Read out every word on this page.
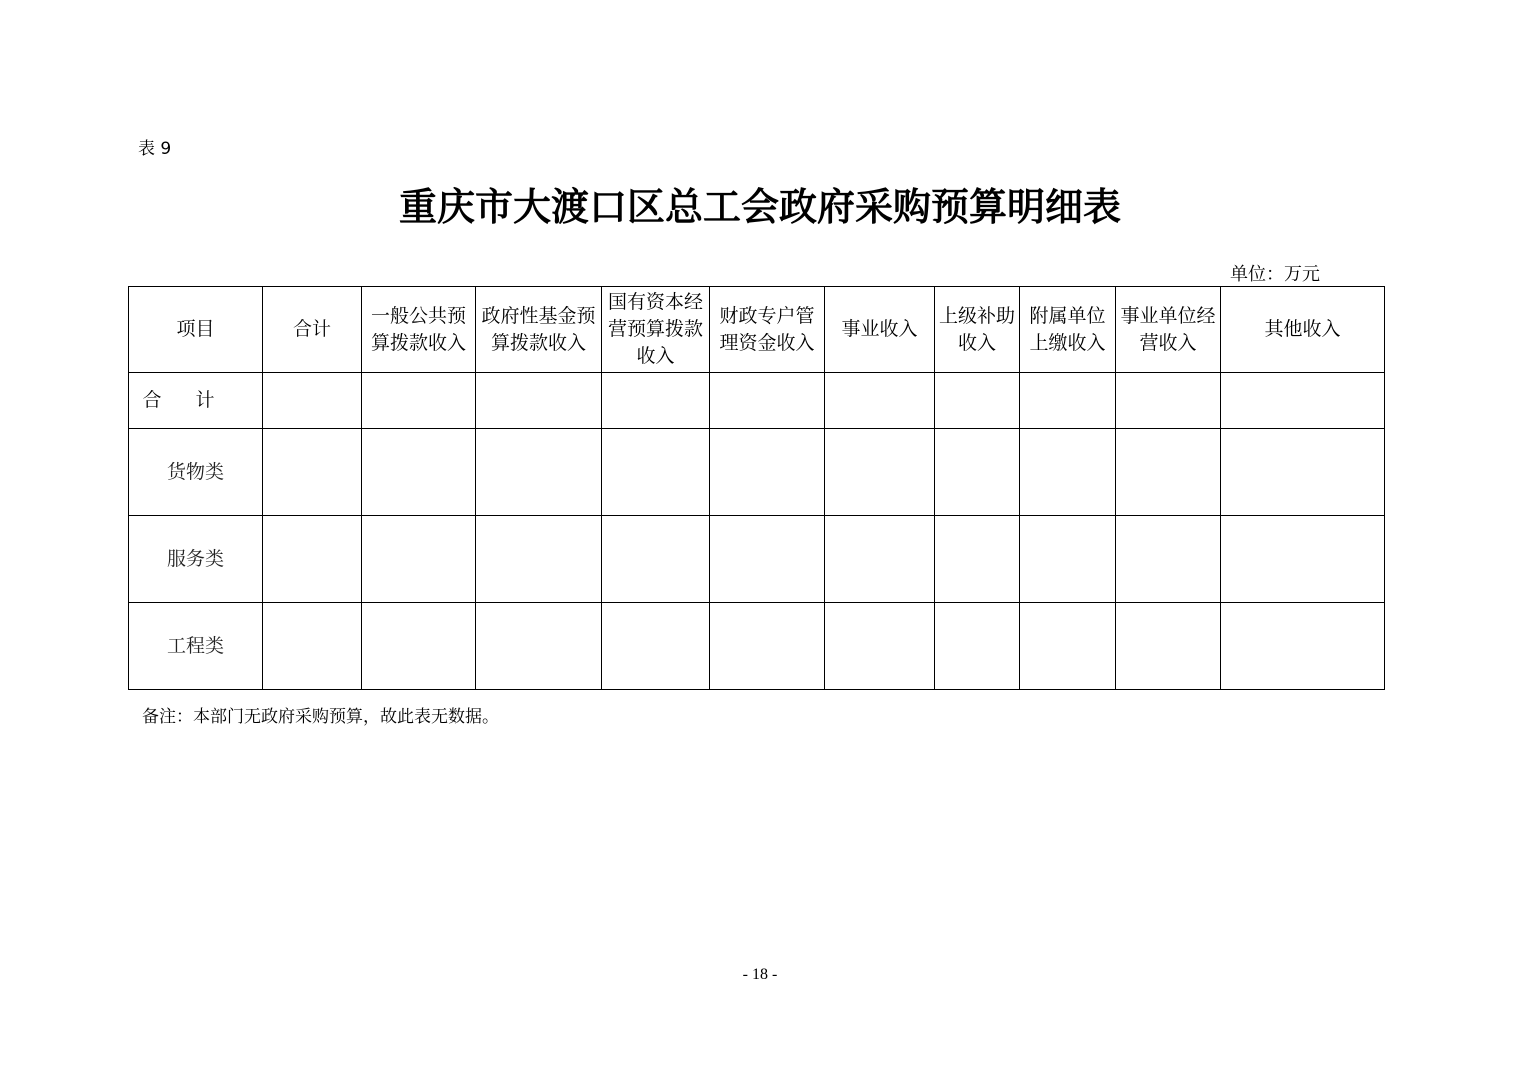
表 9
重庆市大渡口区总工会政府采购预算明细表
单位：万元
项目	合计	一般公共预算拨款收入	政府性基金预算拨款收入	国有资本经营预算拨款收入	财政专户管理资金收入	事业收入	上级补助收入	附属单位上缴收入	事业单位经营收入	其他收入
合计										
货物类										
服务类										
工程类										
备注：本部门无政府采购预算，故此表无数据。
- 18 -
